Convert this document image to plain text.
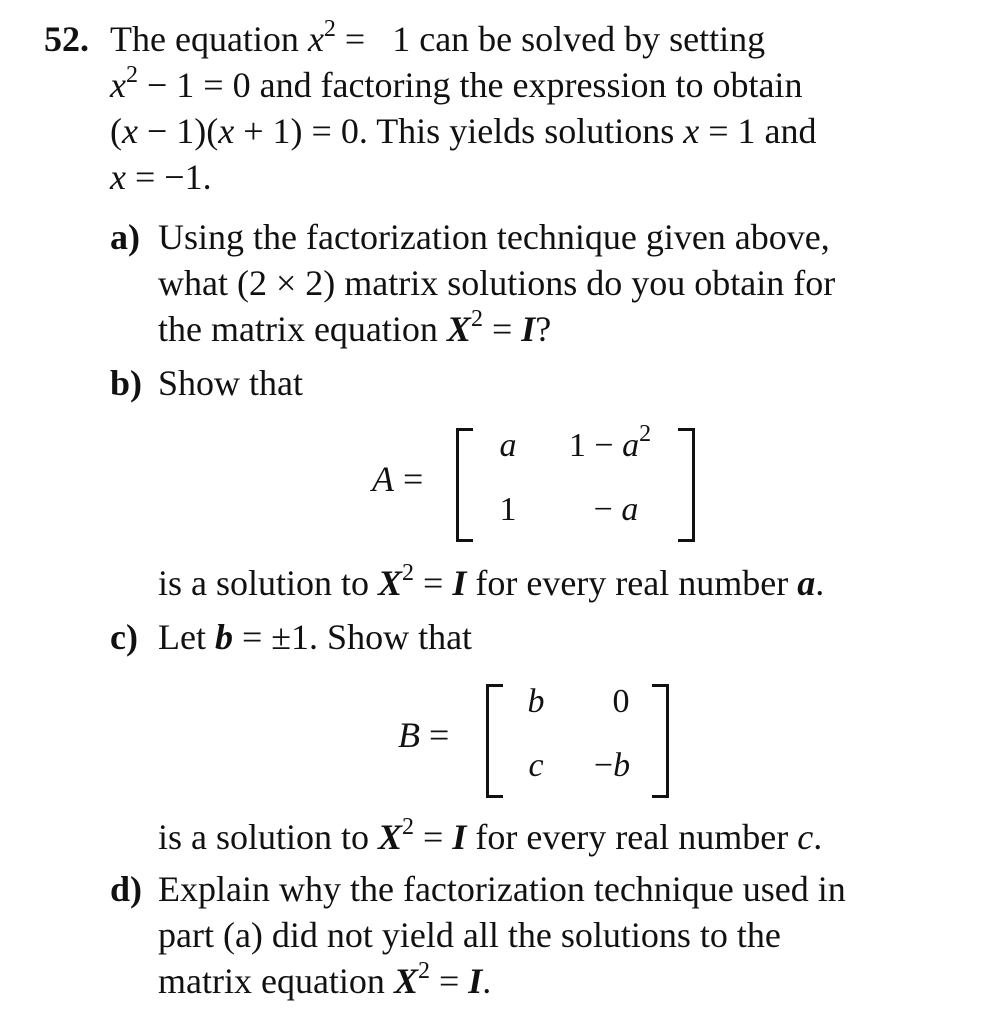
52. The equation $x^2 = 1$ can be solved by setting
$x^2 - 1 = 0$ and factoring the expression to obtain
(x − 1)(x + 1) = 0. This yields solutions x = 1 and
x = −1.
a) Using the factorization technique given above,
what (2 × 2) matrix solutions do you obtain for
the matrix equation $X^2 = I$?
b) Show that
A =
a	$1 - a^2$
1	− a
is a solution to $X^2 = I$ for every real number a.
c) Let b = ±1. Show that
B =
b	0
c	−b
is a solution to $X^2 = I$ for every real number c.
d) Explain why the factorization technique used in
part (a) did not yield all the solutions to the
matrix equation $X^2 = I$.
